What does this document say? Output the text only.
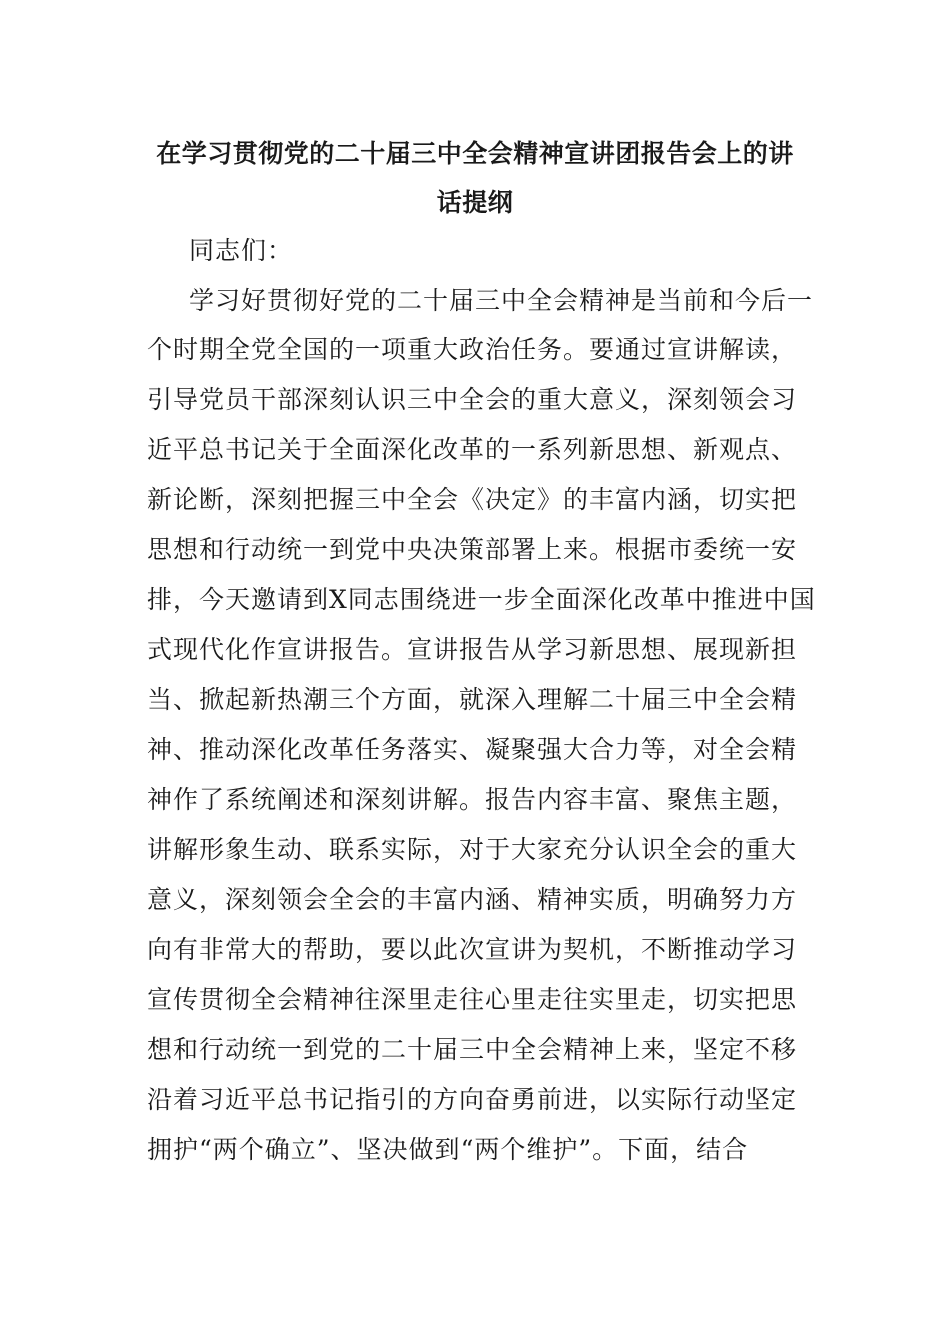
在学习贯彻党的二十届三中全会精神宣讲团报告会上的讲
话提纲
同志们：
学习好贯彻好党的二十届三中全会精神是当前和今后一
个时期全党全国的一项重大政治任务。要通过宣讲解读，
引导党员干部深刻认识三中全会的重大意义，深刻领会习
近平总书记关于全面深化改革的一系列新思想、新观点、
新论断，深刻把握三中全会《决定》的丰富内涵，切实把
思想和行动统一到党中央决策部署上来。根据市委统一安
排，今天邀请到X同志围绕进一步全面深化改革中推进中国
式现代化作宣讲报告。宣讲报告从学习新思想、展现新担
当、掀起新热潮三个方面，就深入理解二十届三中全会精
神、推动深化改革任务落实、凝聚强大合力等，对全会精
神作了系统阐述和深刻讲解。报告内容丰富、聚焦主题，
讲解形象生动、联系实际，对于大家充分认识全会的重大
意义，深刻领会全会的丰富内涵、精神实质，明确努力方
向有非常大的帮助，要以此次宣讲为契机，不断推动学习
宣传贯彻全会精神往深里走往心里走往实里走，切实把思
想和行动统一到党的二十届三中全会精神上来，坚定不移
沿着习近平总书记指引的方向奋勇前进，以实际行动坚定
拥护“两个确立”、坚决做到“两个维护”。下面，结合
